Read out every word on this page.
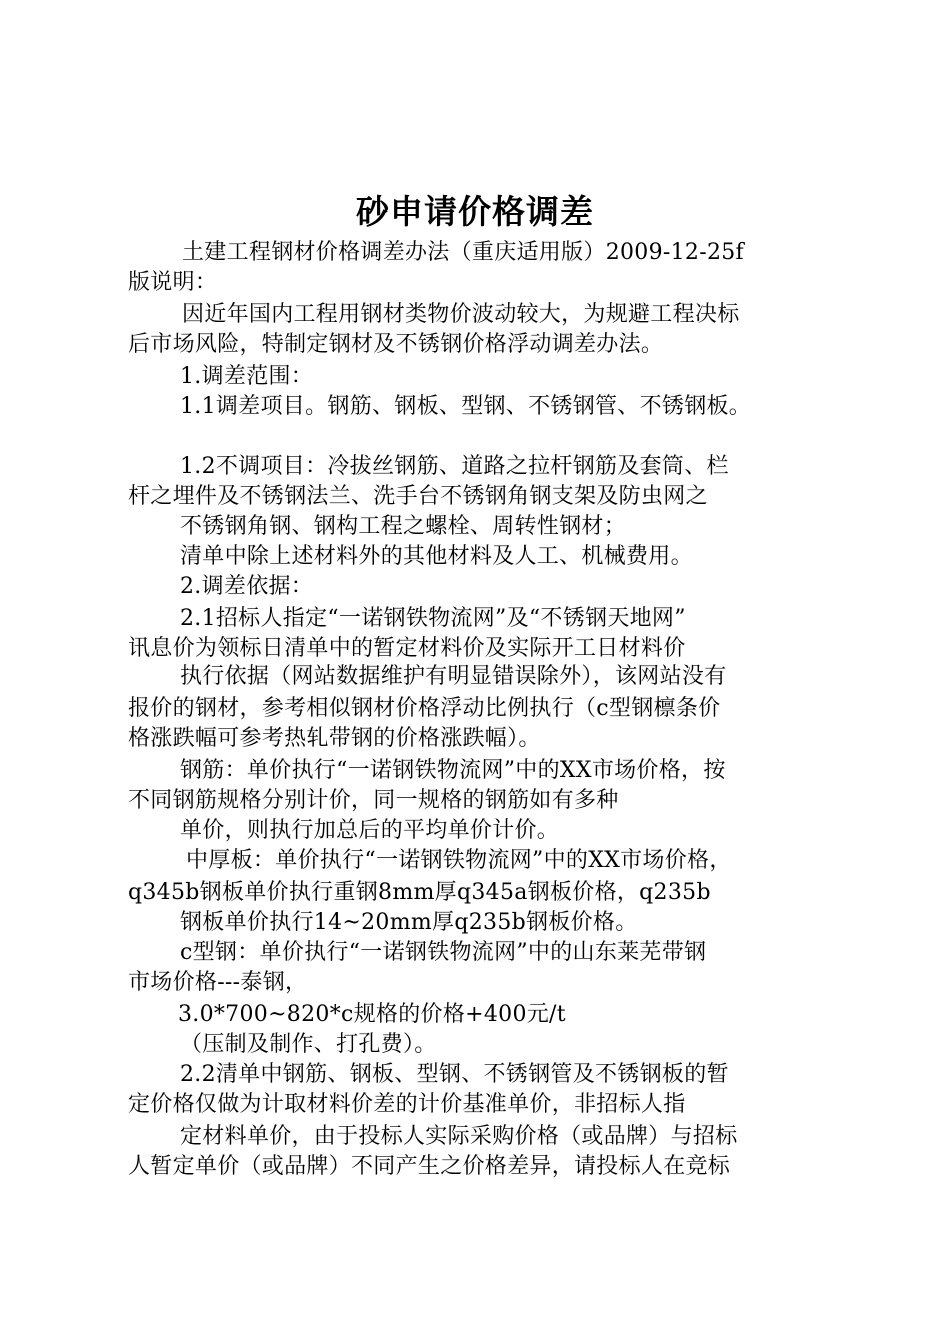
砂申请价格调差
土建工程钢材价格调差办法（重庆适用版）2009-12-25f
版说明：
因近年国内工程用钢材类物价波动较大，为规避工程决标
后市场风险，特制定钢材及不锈钢价格浮动调差办法。
1.调差范围：
1.1调差项目。钢筋、钢板、型钢、不锈钢管、不锈钢板。
1.2不调项目：冷拔丝钢筋、道路之拉杆钢筋及套筒、栏
杆之埋件及不锈钢法兰、洗手台不锈钢角钢支架及防虫网之
不锈钢角钢、钢构工程之螺栓、周转性钢材；
清单中除上述材料外的其他材料及人工、机械费用。
2.调差依据：
2.1招标人指定“一诺钢铁物流网”及“不锈钢天地网”
讯息价为领标日清单中的暂定材料价及实际开工日材料价
执行依据（网站数据维护有明显错误除外），该网站没有
报价的钢材，参考相似钢材价格浮动比例执行（c型钢檩条价
格涨跌幅可参考热轧带钢的价格涨跌幅）。
钢筋：单价执行“一诺钢铁物流网”中的XX市场价格，按
不同钢筋规格分别计价，同一规格的钢筋如有多种
单价，则执行加总后的平均单价计价。
中厚板：单价执行“一诺钢铁物流网”中的XX市场价格，
q345b钢板单价执行重钢8mm厚q345a钢板价格，q235b
钢板单价执行14~20mm厚q235b钢板价格。
c型钢：单价执行“一诺钢铁物流网”中的山东莱芜带钢
市场价格---泰钢，
3.0*700~820*c规格的价格+400元/t
（压制及制作、打孔费）。
2.2清单中钢筋、钢板、型钢、不锈钢管及不锈钢板的暂
定价格仅做为计取材料价差的计价基准单价，非招标人指
定材料单价，由于投标人实际采购价格（或品牌）与招标
人暂定单价（或品牌）不同产生之价格差异，请投标人在竞标
